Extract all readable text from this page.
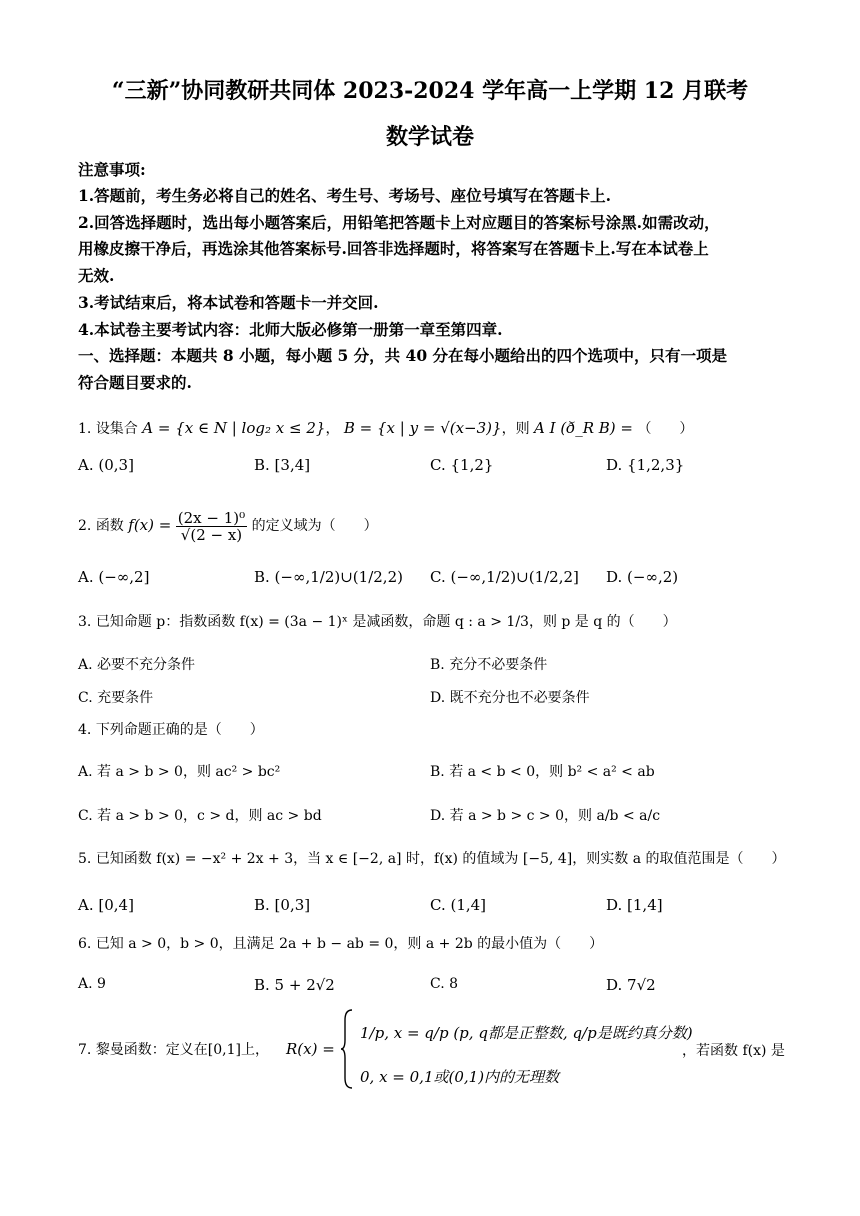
“三新”协同教研共同体 2023-2024 学年高一上学期 12 月联考
数学试卷
注意事项:
1.答题前，考生务必将自己的姓名、考生号、考场号、座位号填写在答题卡上.
2.回答选择题时，选出每小题答案后，用铅笔把答题卡上对应题目的答案标号涂黑.如需改动，
用橡皮擦干净后，再选涂其他答案标号.回答非选择题时，将答案写在答题卡上.写在本试卷上
无效.
3.考试结束后，将本试卷和答题卡一并交回.
4.本试卷主要考试内容：北师大版必修第一册第一章至第四章.
一、选择题：本题共 8 小题，每小题 5 分，共 40 分在每小题给出的四个选项中，只有一项是
符合题目要求的.
1. 设集合 A = {x ∈ N | log₂ x ≤ 2}， B = {x | y = √(x−3)}，则 A I (ð_R B) = （　　）
A. (0,3]	B. [3,4]	C. {1,2}	D. {1,2,3}
2. 函数 $f(x) = \frac{\text{(2x − 1)⁰}}{√(2 - x)}$ 的定义域为（　　）
A. (−∞,2]	B. (−∞,1/2)∪(1/2,2) C. (−∞,1/2)∪(1/2,2] D. (−∞,2)
3. 已知命题 p：指数函数 f(x) = (3a − 1)ˣ 是减函数，命题 q : a > 1/3，则 p 是 q 的（　　）
A. 必要不充分条件	B. 充分不必要条件
C. 充要条件	D. 既不充分也不必要条件
4. 下列命题正确的是（　　）
A. 若 a > b > 0，则 ac² > bc²	B. 若 a < b < 0，则 b² < a² < ab
C. 若 a > b > 0，c > d，则 ac > bd	D. 若 a > b > c > 0，则 a/b < a/c
5. 已知函数 f(x) = −x² + 2x + 3，当 x ∈ [−2, a] 时，f(x) 的值域为 [−5, 4]，则实数 a 的取值范围是（　　）
A. [0,4]	B. [0,3]	C. (1,4]	D. [1,4]
6. 已知 a > 0，b > 0，且满足 2a + b − ab = 0，则 a + 2b 的最小值为（　　）
A. 9	B. 5 + 2√2	C. 8	D. 7√2
7. 黎曼函数：定义在[0,1]上， R(x) =
1/p, x = q/p (p, q都是正整数, q/p是既约真分数)
0, x = 0,1或(0,1)内的无理数
，若函数 f(x) 是
